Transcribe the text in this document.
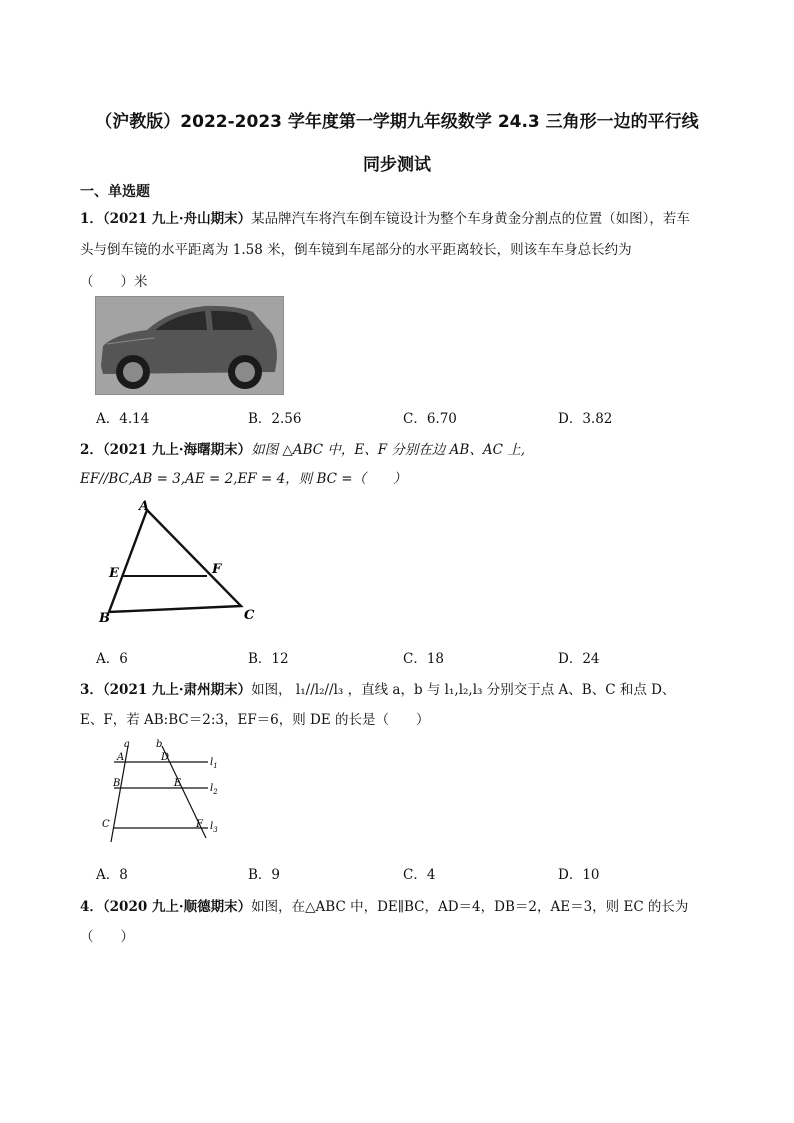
（沪教版）2022-2023 学年度第一学期九年级数学 24.3 三角形一边的平行线
同步测试
一、单选题
1．（2021 九上·舟山期末）某品牌汽车将汽车倒车镜设计为整个车身黄金分割点的位置（如图），若车
头与倒车镜的水平距离为 1.58 米，倒车镜到车尾部分的水平距离较长，则该车车身总长约为
（　　）米
A．4.14	B．2.56	C．6.70	D．3.82
2．（2021 九上·海曙期末）如图 △ABC 中，E、F 分别在边 AB、AC 上,
EF//BC,AB = 3,AE = 2,EF = 4，则 BC =（　　）
A
E	F
B	C
A．6	B．12	C．18	D．24
3．（2021 九上·肃州期末）如图， l₁//l₂//l₃ ，直线 a，b 与 l₁,l₂,l₃ 分别交于点 A、B、C 和点 D、
E、F，若 AB:BC＝2:3，EF＝6，则 DE 的长是（　　）
a	b
A	D
B	E
C	F
$l_1$
$l_2$
$l_3$
A．8	B．9	C．4	D．10
4．（2020 九上·顺德期末）如图，在△ABC 中，DE∥BC，AD＝4，DB＝2，AE＝3，则 EC 的长为
（　　）
